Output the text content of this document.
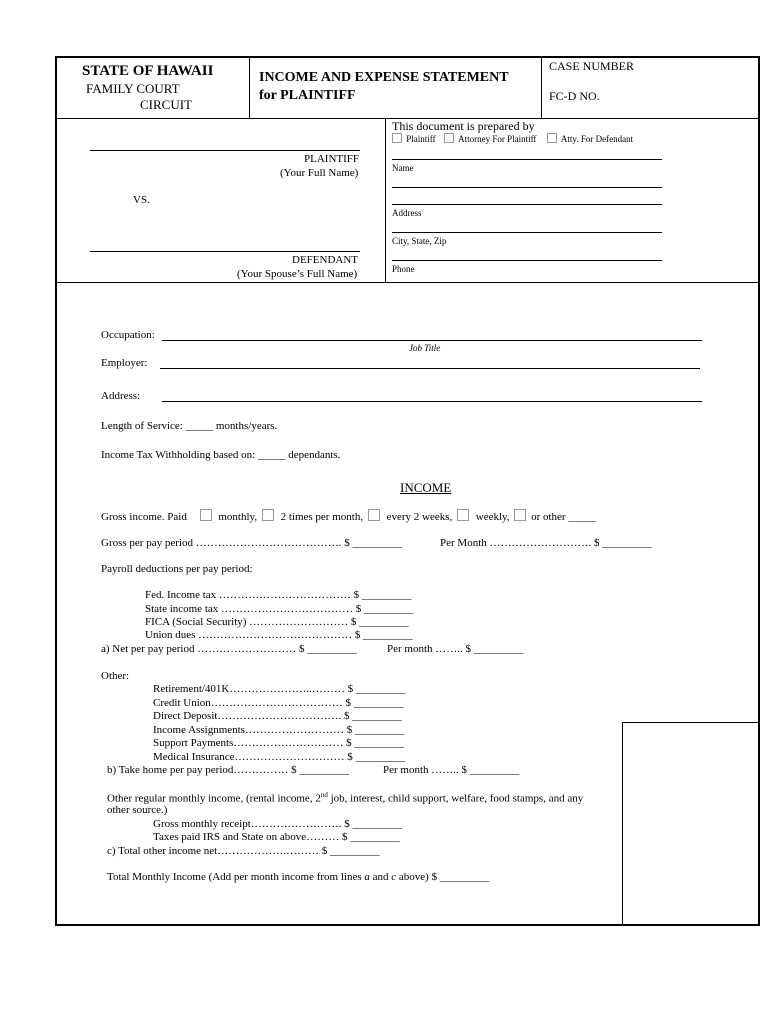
STATE OF HAWAII
FAMILY COURT
CIRCUIT
INCOME AND EXPENSE STATEMENT
for PLAINTIFF
CASE NUMBER
FC-D NO.
PLAINTIFF
(Your Full Name)
VS.
DEFENDANT
(Your Spouse’s Full Name)
This document is prepared by
Plaintiff	Attorney For Plaintiff	Atty. For Defendant
Name
Address
City, State, Zip
Phone
Occupation:
Job Title
Employer:
Address:
Length of Service: _____ months/years.
Income Tax Withholding based on: _____ dependants.
INCOME
Gross income. Paid	monthly, 2 times per month, every 2 weeks, weekly, or other _____
Gross per pay period …………………………………. $ _________	Per Month ………………………. $ _________
Payroll deductions per pay period:
Fed. Income tax ……………………………… $ _________
State income tax ……………………………… $ _________
FICA (Social Security) ……………………… $ _________
Union dues …………………………………… $ _________
a) Net per pay period ……………………… $ _________	Per month …….. $ _________
Other:
Retirement/401K…………………..……… $ _________
Credit Union……………………………… $ _________
Direct Deposit……………………………. $ _________
Income Assignments……………………… $ _________
Support Payments………………………… $ _________
Medical Insurance………………………… $ _________
b) Take home per pay period…………… $ _________	Per month …….. $ _________
Other regular monthly income, (rental income, 2nd job, interest, child support, welfare, food stamps, and any
other source.)
Gross monthly receipt……………………. $ _________
Taxes paid IRS and State on above……… $ _________
c) Total other income net……………….……… $ _________
Total Monthly Income (Add per month income from lines a and c above) $ _________
